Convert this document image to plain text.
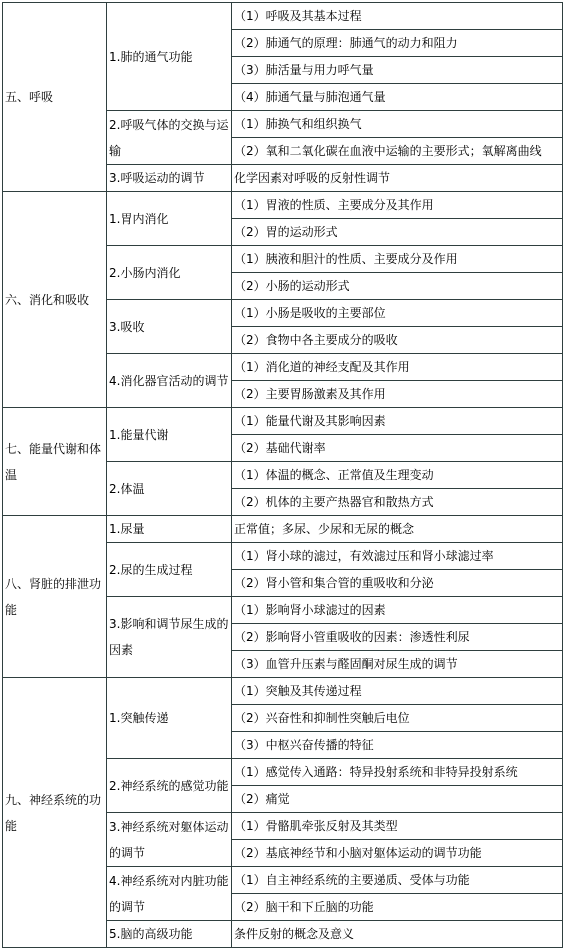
五、呼吸	1.肺的通气功能	（1）呼吸及其基本过程
		（2）肺通气的原理：肺通气的动力和阻力
		（3）肺活量与用力呼气量
		（4）肺通气量与肺泡通气量
	2.呼吸气体的交换与运输	（1）肺换气和组织换气
		（2）氧和二氧化碳在血液中运输的主要形式；氧解离曲线
	3.呼吸运动的调节	化学因素对呼吸的反射性调节
六、消化和吸收	1.胃内消化	（1）胃液的性质、主要成分及其作用
		（2）胃的运动形式
	2.小肠内消化	（1）胰液和胆汁的性质、主要成分及作用
		（2）小肠的运动形式
	3.吸收	（1）小肠是吸收的主要部位
		（2）食物中各主要成分的吸收
	4.消化器官活动的调节	（1）消化道的神经支配及其作用
		（2）主要胃肠激素及其作用
七、能量代谢和体温	1.能量代谢	（1）能量代谢及其影响因素
		（2）基础代谢率
	2.体温	（1）体温的概念、正常值及生理变动
		（2）机体的主要产热器官和散热方式
八、肾脏的排泄功能	1.尿量	正常值；多尿、少尿和无尿的概念
	2.尿的生成过程	（1）肾小球的滤过，有效滤过压和肾小球滤过率
		（2）肾小管和集合管的重吸收和分泌
	3.影响和调节尿生成的因素	（1）影响肾小球滤过的因素
		（2）影响肾小管重吸收的因素：渗透性利尿
		（3）血管升压素与醛固酮对尿生成的调节
九、神经系统的功能	1.突触传递	（1）突触及其传递过程
		（2）兴奋性和抑制性突触后电位
		（3）中枢兴奋传播的特征
	2.神经系统的感觉功能	（1）感觉传入通路：特异投射系统和非特异投射系统
		（2）痛觉
	3.神经系统对躯体运动的调节	（1）骨骼肌牵张反射及其类型
		（2）基底神经节和小脑对躯体运动的调节功能
	4.神经系统对内脏功能的调节	（1）自主神经系统的主要递质、受体与功能
		（2）脑干和下丘脑的功能
	5.脑的高级功能	条件反射的概念及意义
